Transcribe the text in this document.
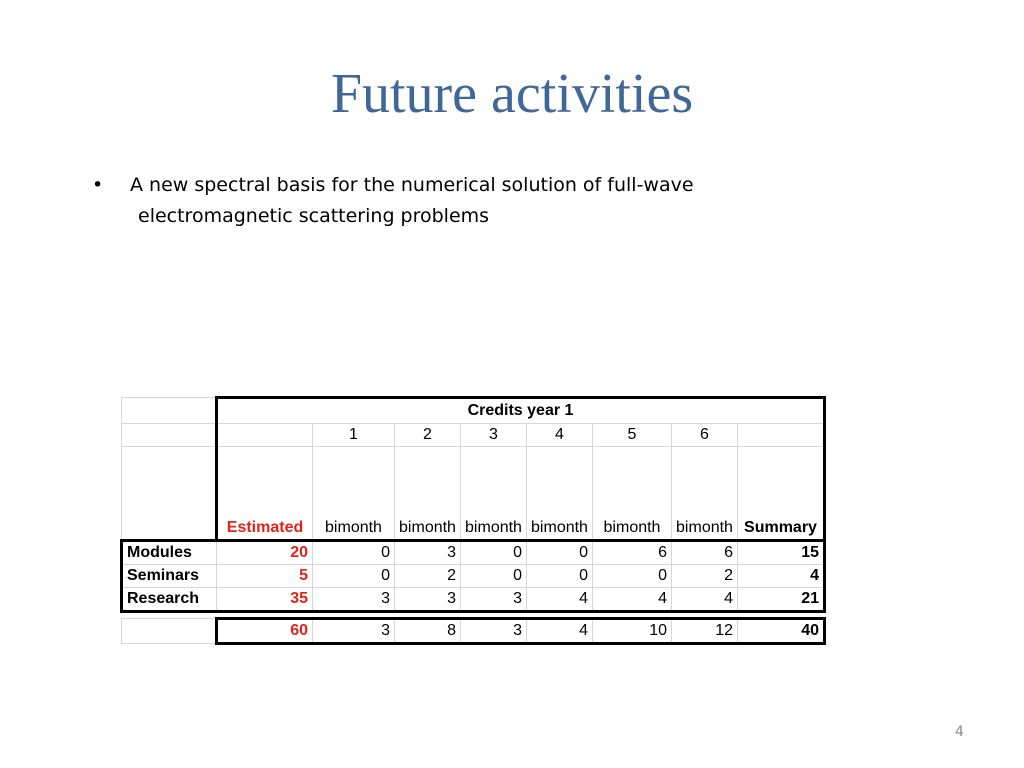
Future activities
• A new spectral basis for the numerical solution of full-wave
electromagnetic scattering problems
	Credits year 1							
		1	2	3	4	5	6	
	Estimated	bimonth	bimonth	bimonth	bimonth	bimonth	bimonth	Summary
Modules	20	0	3	0	0	6	6	15
Seminars	5	0	2	0	0	0	2	4
Research	35	3	3	3	4	4	4	21

	60	3	8	3	4	10	12	40
4
